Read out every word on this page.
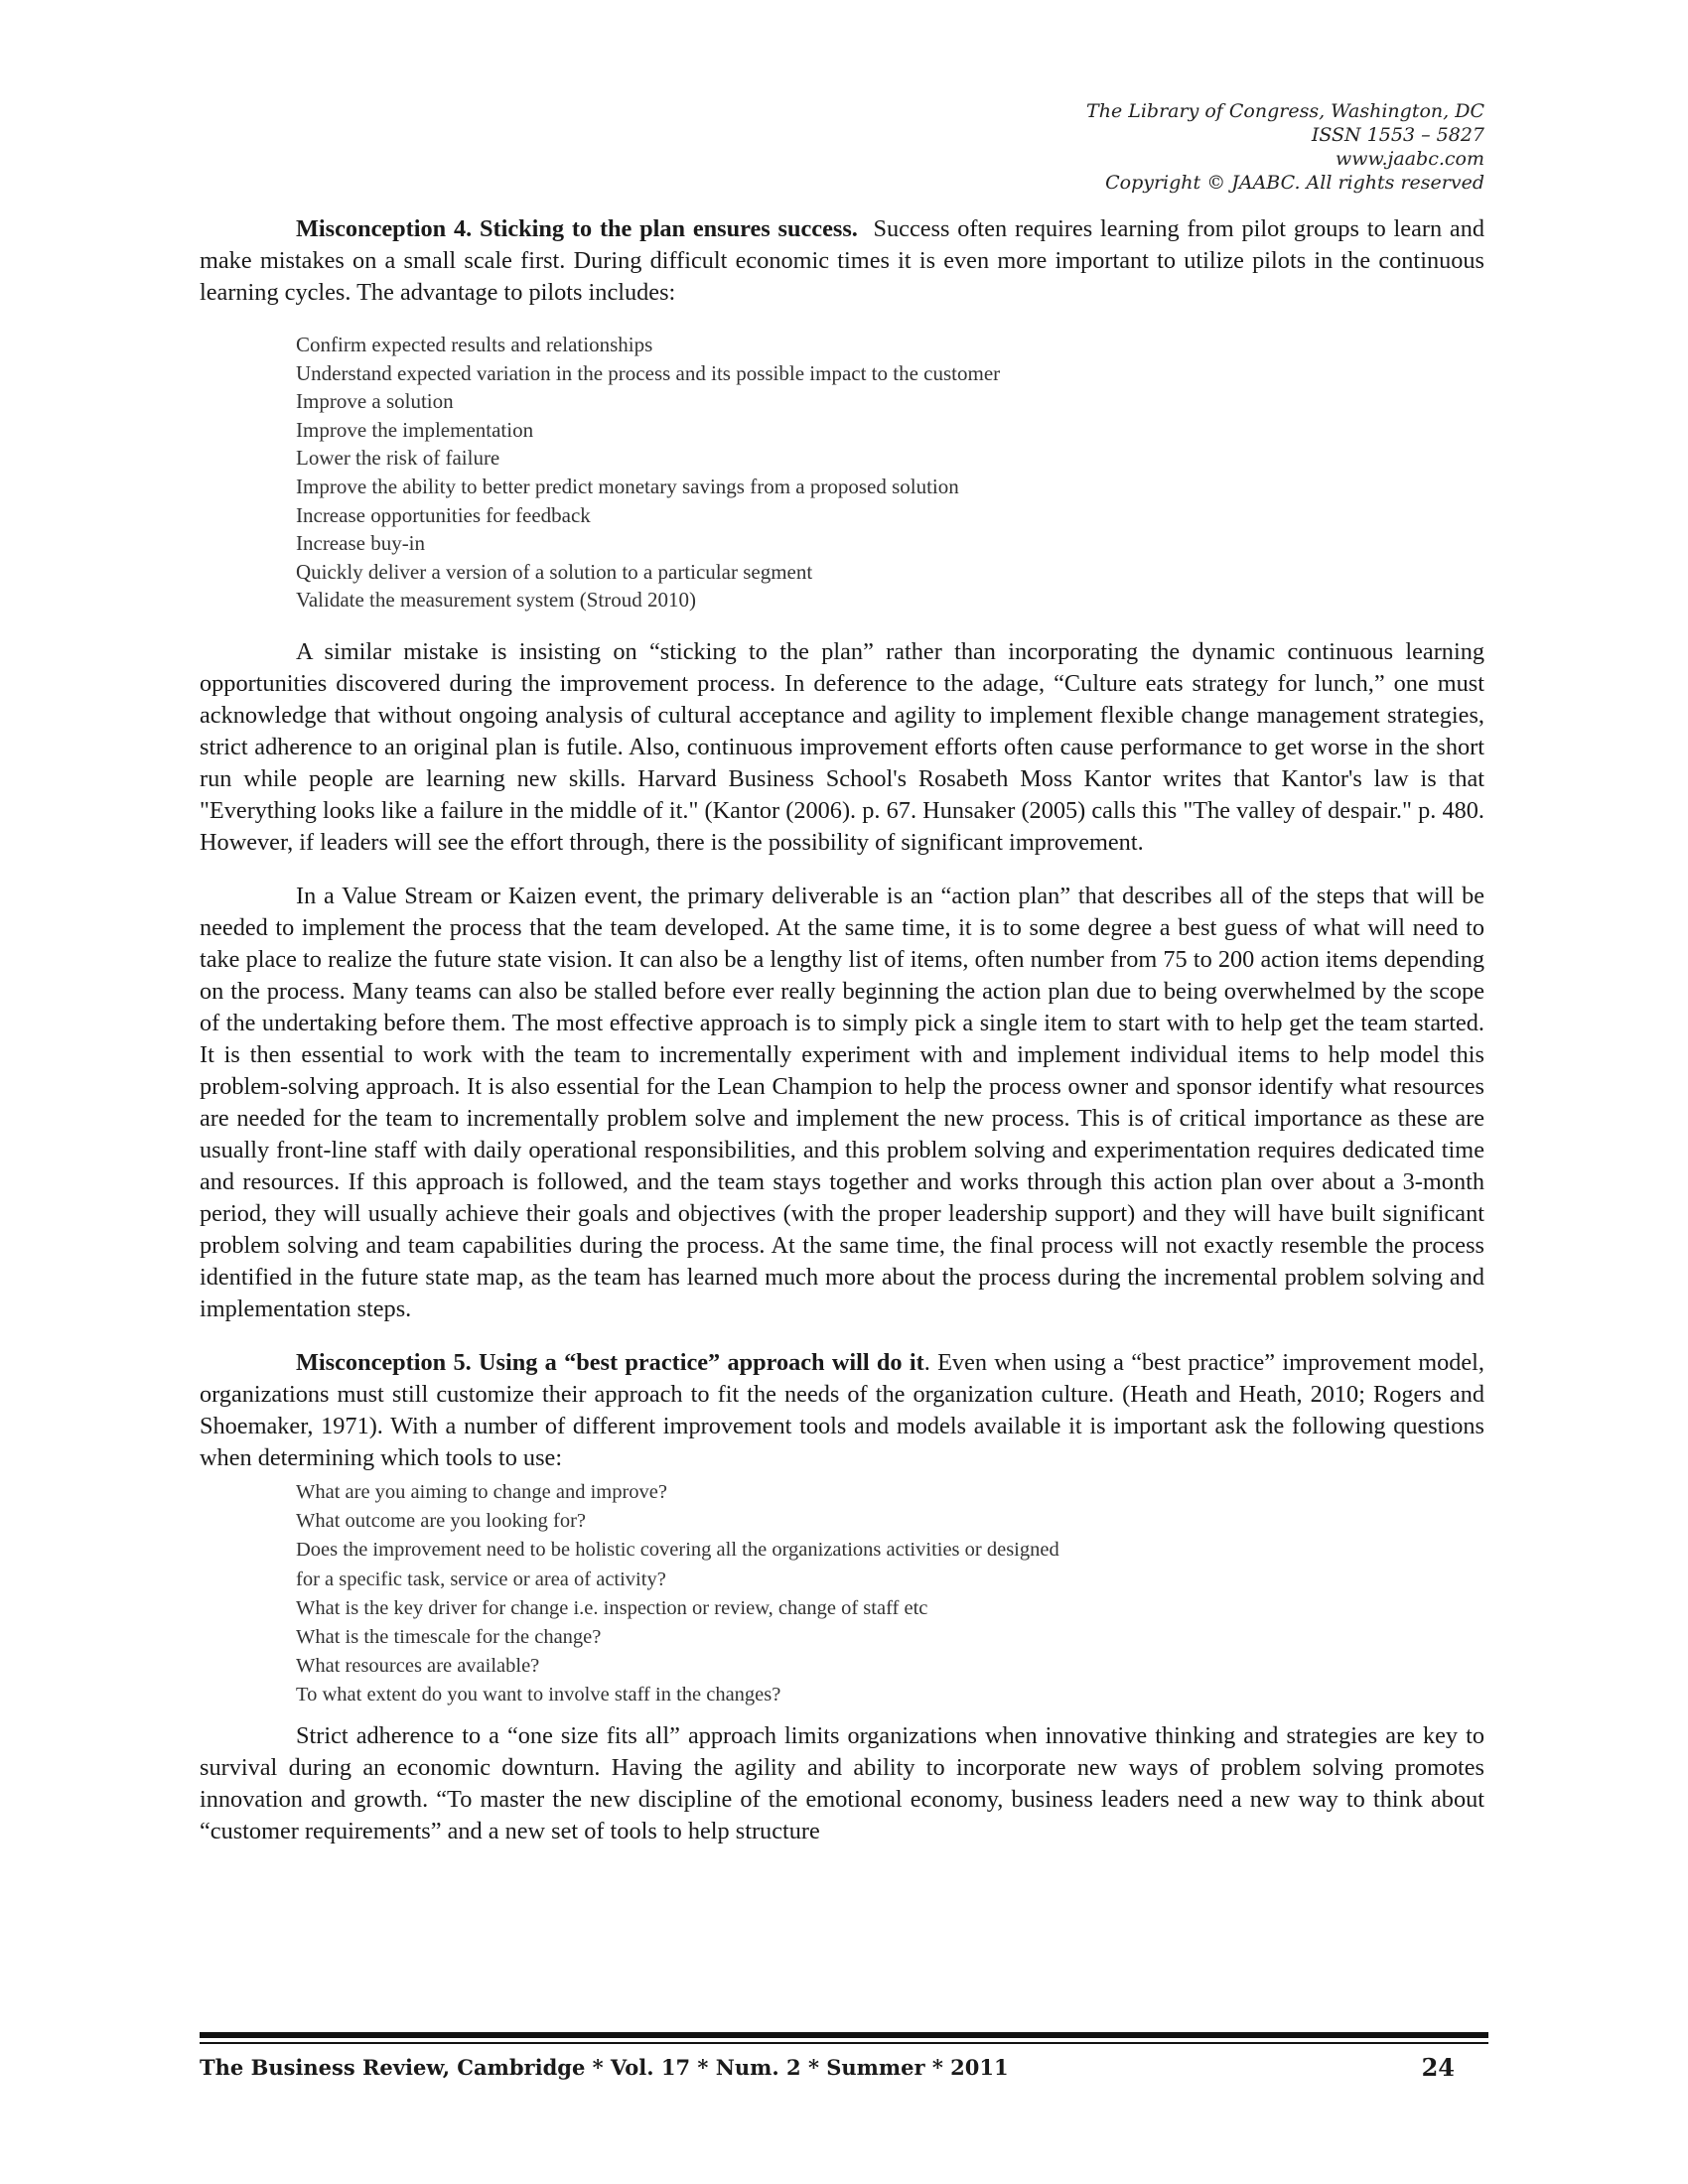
The Library of Congress, Washington, DC
ISSN 1553 – 5827
www.jaabc.com
Copyright © JAABC. All rights reserved

Misconception 4. Sticking to the plan ensures success. Success often requires learning from pilot groups to learn and make mistakes on a small scale first. During difficult economic times it is even more important to utilize pilots in the continuous learning cycles. The advantage to pilots includes:

Confirm expected results and relationships
Understand expected variation in the process and its possible impact to the customer
Improve a solution
Improve the implementation
Lower the risk of failure
Improve the ability to better predict monetary savings from a proposed solution
Increase opportunities for feedback
Increase buy-in
Quickly deliver a version of a solution to a particular segment
Validate the measurement system (Stroud 2010)

A similar mistake is insisting on “sticking to the plan” rather than incorporating the dynamic continuous learning opportunities discovered during the improvement process. In deference to the adage, “Culture eats strategy for lunch,” one must acknowledge that without ongoing analysis of cultural acceptance and agility to implement flexible change management strategies, strict adherence to an original plan is futile. Also, continuous improvement efforts often cause performance to get worse in the short run while people are learning new skills. Harvard Business School's Rosabeth Moss Kantor writes that Kantor's law is that "Everything looks like a failure in the middle of it." (Kantor (2006). p. 67. Hunsaker (2005) calls this "The valley of despair." p. 480. However, if leaders will see the effort through, there is the possibility of significant improvement.

In a Value Stream or Kaizen event, the primary deliverable is an “action plan” that describes all of the steps that will be needed to implement the process that the team developed. At the same time, it is to some degree a best guess of what will need to take place to realize the future state vision. It can also be a lengthy list of items, often number from 75 to 200 action items depending on the process. Many teams can also be stalled before ever really beginning the action plan due to being overwhelmed by the scope of the undertaking before them. The most effective approach is to simply pick a single item to start with to help get the team started. It is then essential to work with the team to incrementally experiment with and implement individual items to help model this problem-solving approach. It is also essential for the Lean Champion to help the process owner and sponsor identify what resources are needed for the team to incrementally problem solve and implement the new process. This is of critical importance as these are usually front-line staff with daily operational responsibilities, and this problem solving and experimentation requires dedicated time and resources. If this approach is followed, and the team stays together and works through this action plan over about a 3-month period, they will usually achieve their goals and objectives (with the proper leadership support) and they will have built significant problem solving and team capabilities during the process. At the same time, the final process will not exactly resemble the process identified in the future state map, as the team has learned much more about the process during the incremental problem solving and implementation steps.

Misconception 5. Using a “best practice” approach will do it. Even when using a “best practice” improvement model, organizations must still customize their approach to fit the needs of the organization culture. (Heath and Heath, 2010; Rogers and Shoemaker, 1971). With a number of different improvement tools and models available it is important ask the following questions when determining which tools to use:

What are you aiming to change and improve?
What outcome are you looking for?
Does the improvement need to be holistic covering all the organizations activities or designed for a specific task, service or area of activity?
What is the key driver for change i.e. inspection or review, change of staff etc
What is the timescale for the change?
What resources are available?
To what extent do you want to involve staff in the changes?

Strict adherence to a “one size fits all” approach limits organizations when innovative thinking and strategies are key to survival during an economic downturn. Having the agility and ability to incorporate new ways of problem solving promotes innovation and growth. “To master the new discipline of the emotional economy, business leaders need a new way to think about “customer requirements” and a new set of tools to help structure

The Business Review, Cambridge * Vol. 17 * Num. 2 * Summer * 2011	24
